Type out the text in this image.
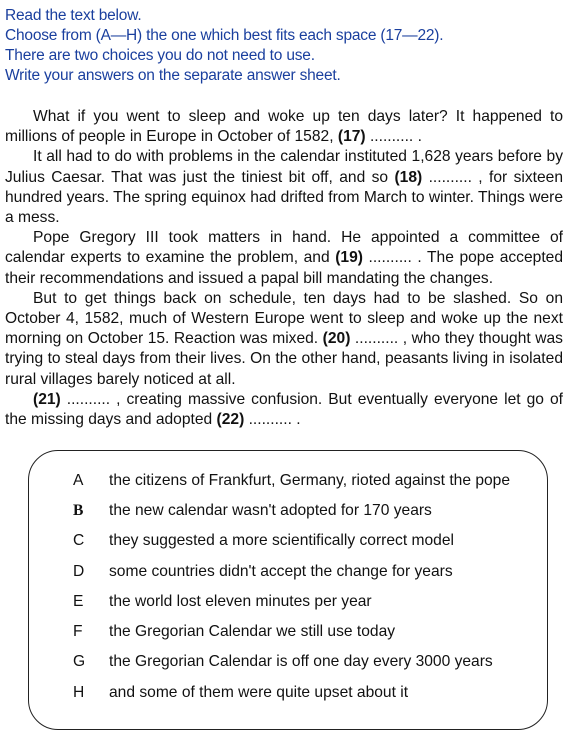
Read the text below.
Choose from (A—H) the one which best fits each space (17—22).
There are two choices you do not need to use.
Write your answers on the separate answer sheet.

What if you went to sleep and woke up ten days later? It happened to millions of people in Europe in October of 1582, (17) .......... .

It all had to do with problems in the calendar instituted 1,628 years before by Julius Caesar. That was just the tiniest bit off, and so (18) .......... , for sixteen hundred years. The spring equinox had drifted from March to winter. Things were a mess.

Pope Gregory III took matters in hand. He appointed a committee of calendar experts to examine the problem, and (19) .......... . The pope accepted their recommendations and issued a papal bill mandating the changes.

But to get things back on schedule, ten days had to be slashed. So on October 4, 1582, much of Western Europe went to sleep and woke up the next morning on October 15. Reaction was mixed. (20) .......... , who they thought was trying to steal days from their lives. On the other hand, peasants living in isolated rural villages barely noticed at all.

(21) .......... , creating massive confusion. But eventually everyone let go of the missing days and adopted (22) .......... .

A the citizens of Frankfurt, Germany, rioted against the pope
B the new calendar wasn't adopted for 170 years
C they suggested a more scientifically correct model
D some countries didn't accept the change for years
E the world lost eleven minutes per year
F the Gregorian Calendar we still use today
G the Gregorian Calendar is off one day every 3000 years
H and some of them were quite upset about it
